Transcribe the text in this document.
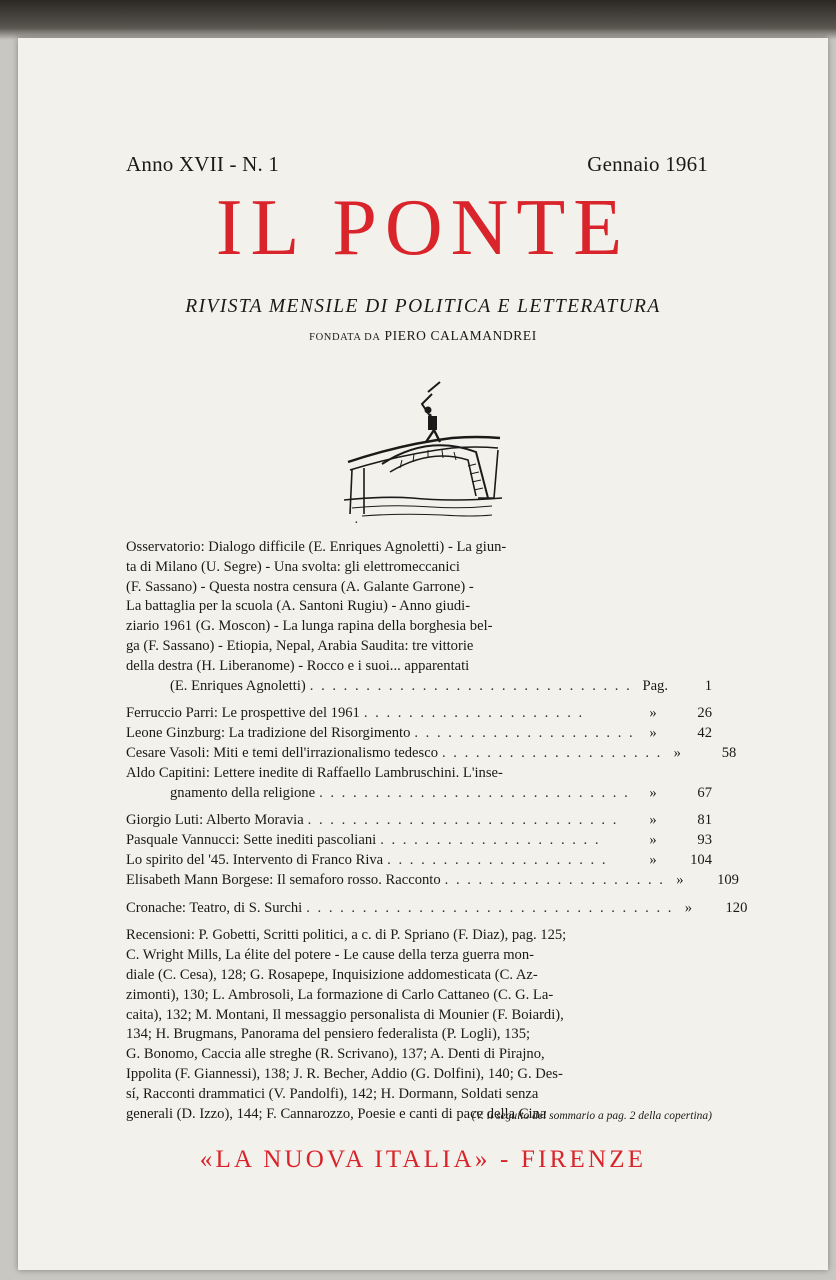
Anno XVII - N. 1	Gennaio 1961
IL PONTE
RIVISTA MENSILE DI POLITICA E LETTERATURA
FONDATA DA PIERO CALAMANDREI
·
Osservatorio: Dialogo difficile (E. Enriques Agnoletti) - La giun-
ta di Milano (U. Segre) - Una svolta: gli elettromeccanici
(F. Sassano) - Questa nostra censura (A. Galante Garrone) -
La battaglia per la scuola (A. Santoni Rugiu) - Anno giudi-
ziario 1961 (G. Moscon) - La lunga rapina della borghesia bel-
ga (F. Sassano) - Etiopia, Nepal, Arabia Saudita: tre vittorie
della destra (H. Liberanome) - Rocco e i suoi... apparentati
(E. Enriques Agnoletti) . . . . . . . . . . . . . . . . . . . . . . . . . . . . . Pag.	1
Ferruccio Parri: Le prospettive del 1961 . . . . . . . . . . . . . . . . . . . .	»	26
Leone Ginzburg: La tradizione del Risorgimento . . . . . . . . . . . . . . . . . . . .	»	42
Cesare Vasoli: Miti e temi dell'irrazionalismo tedesco . . . . . . . . . . . . . . . . . . . . »	58
Aldo Capitini: Lettere inedite di Raffaello Lambruschini. L'inse-
gnamento della religione . . . . . . . . . . . . . . . . . . . . . . . . . . . .	»	67
Giorgio Luti: Alberto Moravia . . . . . . . . . . . . . . . . . . . . . . . . . . . .	»	81
Pasquale Vannucci: Sette inediti pascoliani . . . . . . . . . . . . . . . . . . . .	»	93
Lo spirito del '45. Intervento di Franco Riva . . . . . . . . . . . . . . . . . . . .	»	104
Elisabeth Mann Borgese: Il semaforo rosso. Racconto . . . . . . . . . . . . . . . . . . . . »	109
Cronache: Teatro, di S. Surchi . . . . . . . . . . . . . . . . . . . . . . . . . . . . . . . . . »	120
Recensioni: P. Gobetti, Scritti politici, a c. di P. Spriano (F. Diaz), pag. 125;
C. Wright Mills, La élite del potere - Le cause della terza guerra mon-
diale (C. Cesa), 128; G. Rosapepe, Inquisizione addomesticata (C. Az-
zimonti), 130; L. Ambrosoli, La formazione di Carlo Cattaneo (C. G. La-
caita), 132; M. Montani, Il messaggio personalista di Mounier (F. Boiardi),
134; H. Brugmans, Panorama del pensiero federalista (P. Logli), 135;
G. Bonomo, Caccia alle streghe (R. Scrivano), 137; A. Denti di Pirajno,
Ippolita (F. Giannessi), 138; J. R. Becher, Addio (G. Dolfini), 140; G. Des-
sí, Racconti drammatici (V. Pandolfi), 142; H. Dormann, Soldati senza
generali (D. Izzo), 144; F. Cannarozzo, Poesie e canti di pace della Cina
(V. il seguito del sommario a pag. 2 della copertina)
«LA NUOVA ITALIA» - FIRENZE
